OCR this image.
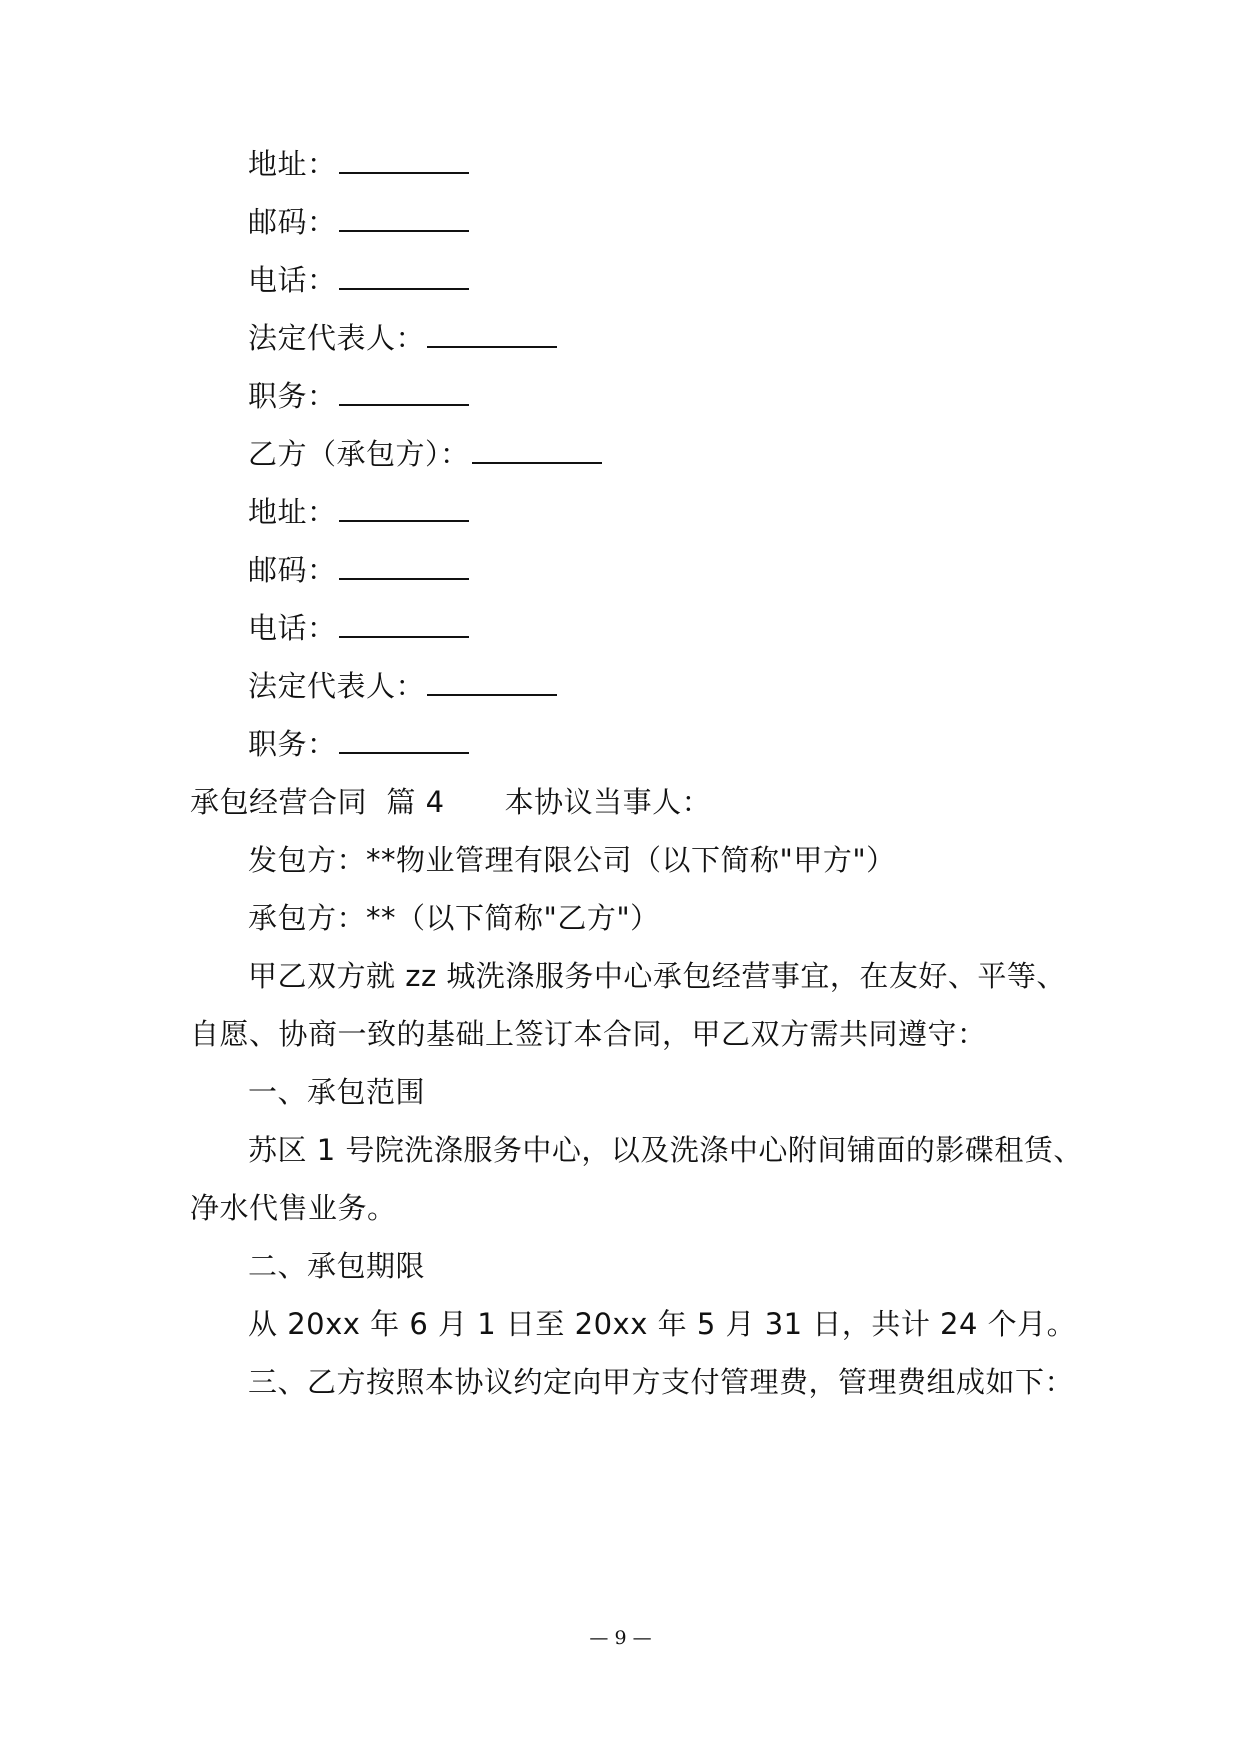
地址：
邮码：
电话：
法定代表人：
职务：
乙方（承包方）：
地址：
邮码：
电话：
法定代表人：
职务：
承包经营合同  篇 4 本协议当事人：
发包方：**物业管理有限公司（以下简称"甲方"）
承包方：**（以下简称"乙方"）
甲乙双方就 zz 城洗涤服务中心承包经营事宜，在友好、平等、
自愿、协商一致的基础上签订本合同，甲乙双方需共同遵守：
一、承包范围
苏区 1 号院洗涤服务中心，以及洗涤中心附间铺面的影碟租赁、
净水代售业务。
二、承包期限
从 20xx 年 6 月 1 日至 20xx 年 5 月 31 日，共计 24 个月。
三、乙方按照本协议约定向甲方支付管理费，管理费组成如下：
— 9 —
